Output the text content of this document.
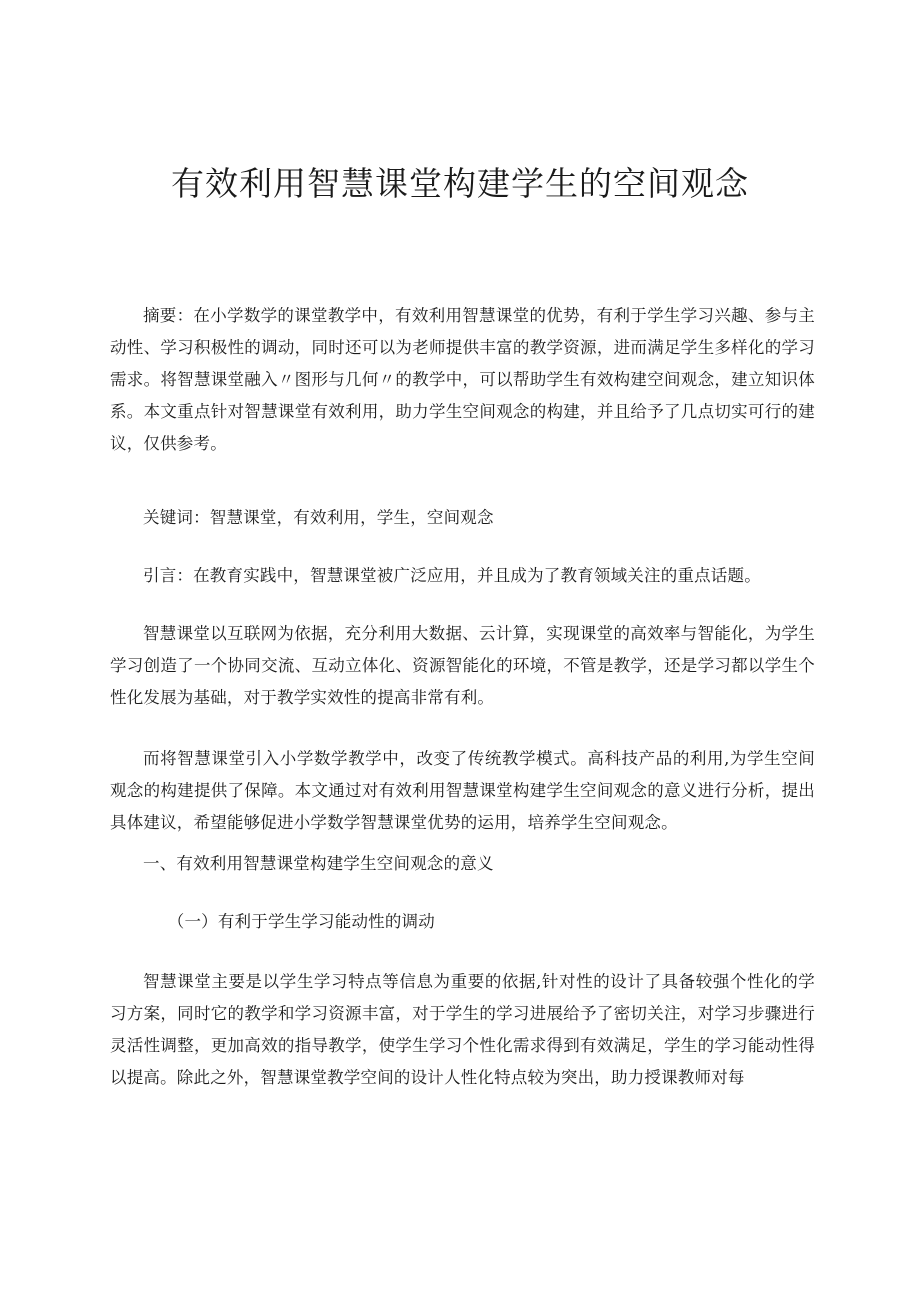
有效利用智慧课堂构建学生的空间观念

摘要：在小学数学的课堂教学中，有效利用智慧课堂的优势，有利于学生学习兴趣、参与主动性、学习积极性的调动，同时还可以为老师提供丰富的教学资源，进而满足学生多样化的学习需求。将智慧课堂融入〃图形与几何〃的教学中，可以帮助学生有效构建空间观念，建立知识体系。本文重点针对智慧课堂有效利用，助力学生空间观念的构建，并且给予了几点切实可行的建议，仅供参考。

关键词：智慧课堂，有效利用，学生，空间观念

引言：在教育实践中，智慧课堂被广泛应用，并且成为了教育领域关注的重点话题。

智慧课堂以互联网为依据，充分利用大数据、云计算，实现课堂的高效率与智能化，为学生学习创造了一个协同交流、互动立体化、资源智能化的环境，不管是教学，还是学习都以学生个性化发展为基础，对于教学实效性的提高非常有利。

而将智慧课堂引入小学数学教学中，改变了传统教学模式。高科技产品的利用,为学生空间观念的构建提供了保障。本文通过对有效利用智慧课堂构建学生空间观念的意义进行分析，提出具体建议，希望能够促进小学数学智慧课堂优势的运用，培养学生空间观念。

一、有效利用智慧课堂构建学生空间观念的意义

（一）有利于学生学习能动性的调动

智慧课堂主要是以学生学习特点等信息为重要的依据,针对性的设计了具备较强个性化的学习方案，同时它的教学和学习资源丰富，对于学生的学习进展给予了密切关注，对学习步骤进行灵活性调整，更加高效的指导教学，使学生学习个性化需求得到有效满足，学生的学习能动性得以提高。除此之外，智慧课堂教学空间的设计人性化特点较为突出，助力授课教师对每
